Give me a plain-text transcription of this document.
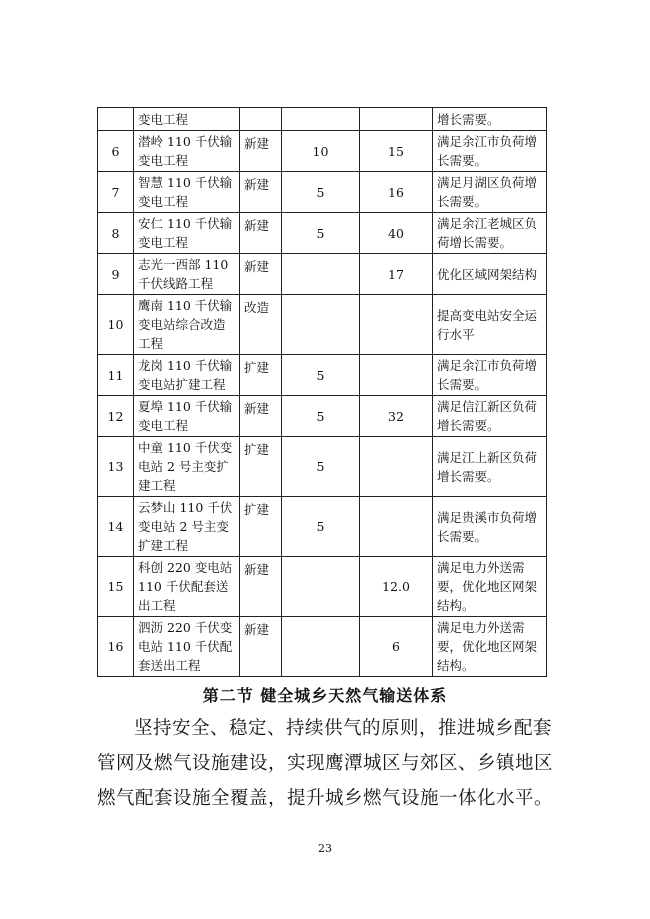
	变电工程				增长需要。
6	潜岭 110 千伏输变电工程	新建	10	15	满足余江市负荷增长需要。
7	智慧 110 千伏输变电工程	新建	5	16	满足月湖区负荷增长需要。
8	安仁 110 千伏输变电工程	新建	5	40	满足余江老城区负荷增长需要。
9	志光一西部 110 千伏线路工程	新建		17	优化区域网架结构
10	鹰南 110 千伏输变电站综合改造工程	改造			提高变电站安全运行水平
11	龙岗 110 千伏输变电站扩建工程	扩建	5		满足余江市负荷增长需要。
12	夏埠 110 千伏输变电工程	新建	5	32	满足信江新区负荷增长需要。
13	中童 110 千伏变电站 2 号主变扩建工程	扩建	5		满足江上新区负荷增长需要。
14	云梦山 110 千伏变电站 2 号主变扩建工程	扩建	5		满足贵溪市负荷增长需要。
15	科创 220 变电站 110 千伏配套送出工程	新建		12.0	满足电力外送需要，优化地区网架结构。
16	泗沥 220 千伏变电站 110 千伏配套送出工程	新建		6	满足电力外送需要，优化地区网架结构。
第二节 健全城乡天然气输送体系

坚持安全、稳定、持续供气的原则，推进城乡配套管网及燃气设施建设，实现鹰潭城区与郊区、乡镇地区燃气配套设施全覆盖，提升城乡燃气设施一体化水平。

23
